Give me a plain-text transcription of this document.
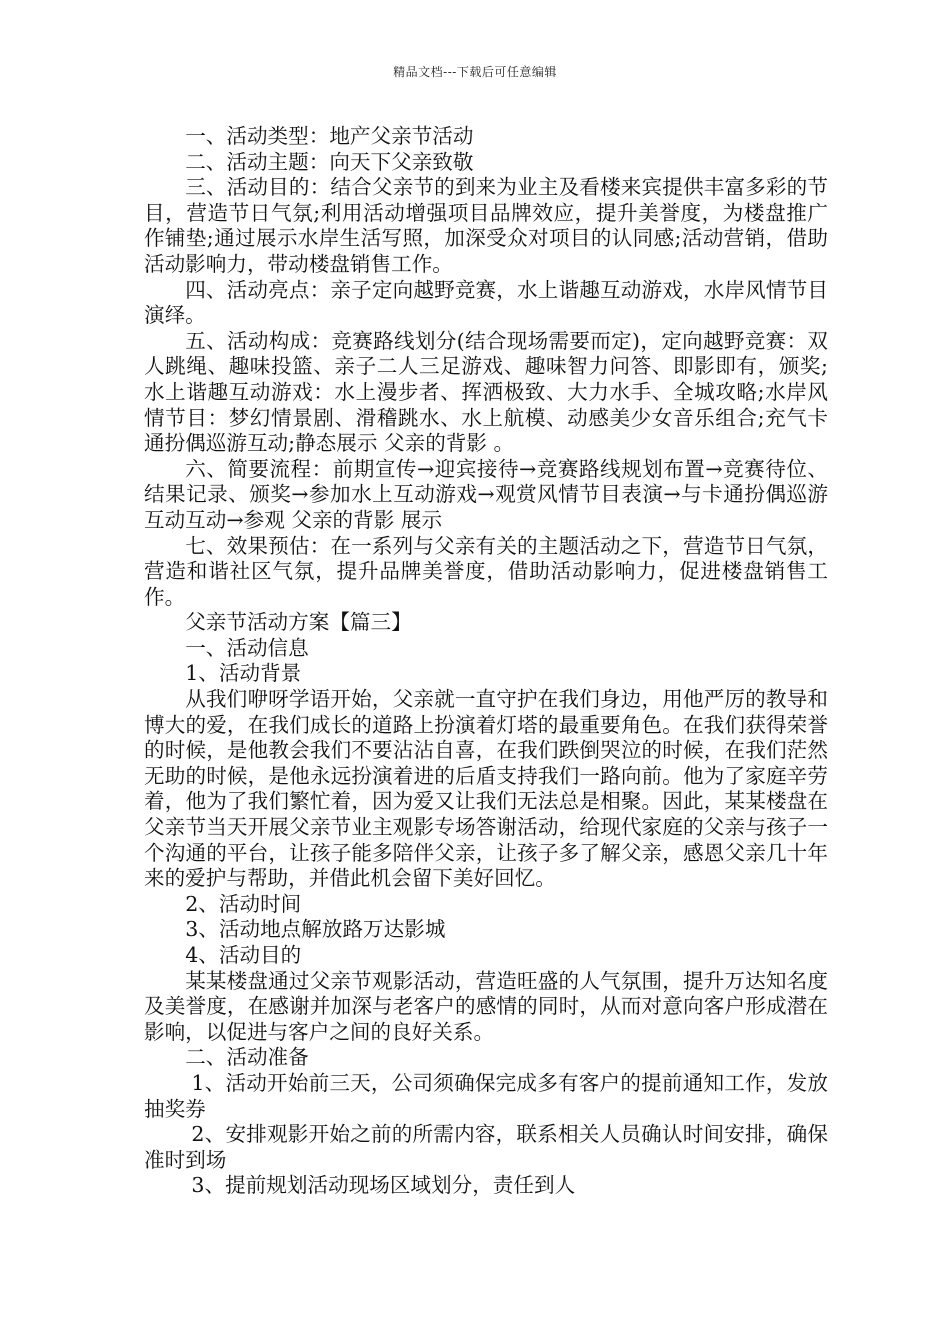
精品文档---下载后可任意编辑

一、活动类型：地产父亲节活动

二、活动主题：向天下父亲致敬

三、活动目的：结合父亲节的到来为业主及看楼来宾提供丰富多彩的节目，营造节日气氛;利用活动增强项目品牌效应，提升美誉度，为楼盘推广作铺垫;通过展示水岸生活写照，加深受众对项目的认同感;活动营销，借助活动影响力，带动楼盘销售工作。

四、活动亮点：亲子定向越野竞赛，水上谐趣互动游戏，水岸风情节目演绎。

五、活动构成：竞赛路线划分(结合现场需要而定)，定向越野竞赛：双人跳绳、趣味投篮、亲子二人三足游戏、趣味智力问答、即影即有，颁奖;水上谐趣互动游戏：水上漫步者、挥洒极致、大力水手、全城攻略;水岸风情节目：梦幻情景剧、滑稽跳水、水上航模、动感美少女音乐组合;充气卡通扮偶巡游互动;静态展示 父亲的背影 。

六、简要流程：前期宣传→迎宾接待→竞赛路线规划布置→竞赛待位、结果记录、颁奖→参加水上互动游戏→观赏风情节目表演→与卡通扮偶巡游互动互动→参观 父亲的背影 展示

七、效果预估：在一系列与父亲有关的主题活动之下，营造节日气氛，营造和谐社区气氛，提升品牌美誉度，借助活动影响力，促进楼盘销售工作。

父亲节活动方案【篇三】

一、活动信息

1、活动背景

从我们咿呀学语开始，父亲就一直守护在我们身边，用他严厉的教导和博大的爱，在我们成长的道路上扮演着灯塔的最重要角色。在我们获得荣誉的时候，是他教会我们不要沾沾自喜，在我们跌倒哭泣的时候，在我们茫然无助的时候，是他永远扮演着进的后盾支持我们一路向前。他为了家庭辛劳着，他为了我们繁忙着，因为爱又让我们无法总是相聚。因此，某某楼盘在父亲节当天开展父亲节业主观影专场答谢活动，给现代家庭的父亲与孩子一个沟通的平台，让孩子能多陪伴父亲，让孩子多了解父亲，感恩父亲几十年来的爱护与帮助，并借此机会留下美好回忆。

2、活动时间

3、活动地点解放路万达影城

4、活动目的

某某楼盘通过父亲节观影活动，营造旺盛的人气氛围，提升万达知名度及美誉度，在感谢并加深与老客户的感情的同时，从而对意向客户形成潜在影响，以促进与客户之间的良好关系。

二、活动准备

1、活动开始前三天，公司须确保完成多有客户的提前通知工作，发放抽奖券

2、安排观影开始之前的所需内容，联系相关人员确认时间安排，确保准时到场

3、提前规划活动现场区域划分，责任到人
